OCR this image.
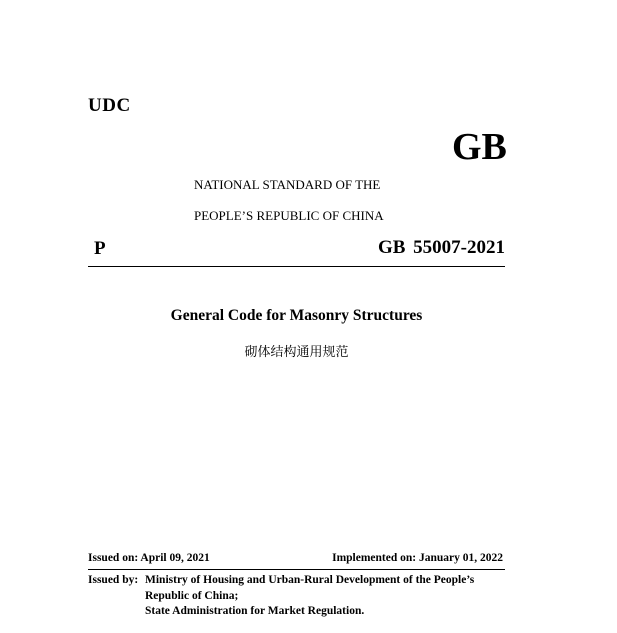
UDC
GB
NATIONAL STANDARD OF THE
PEOPLE’S REPUBLIC OF CHINA
P	GB 55007-2021
General Code for Masonry Structures
砌体结构通用规范
Issued on: April 09, 2021	Implemented on: January 01, 2022
Issued by: Ministry of Housing and Urban-Rural Development of the People’s
Republic of China;
State Administration for Market Regulation.
